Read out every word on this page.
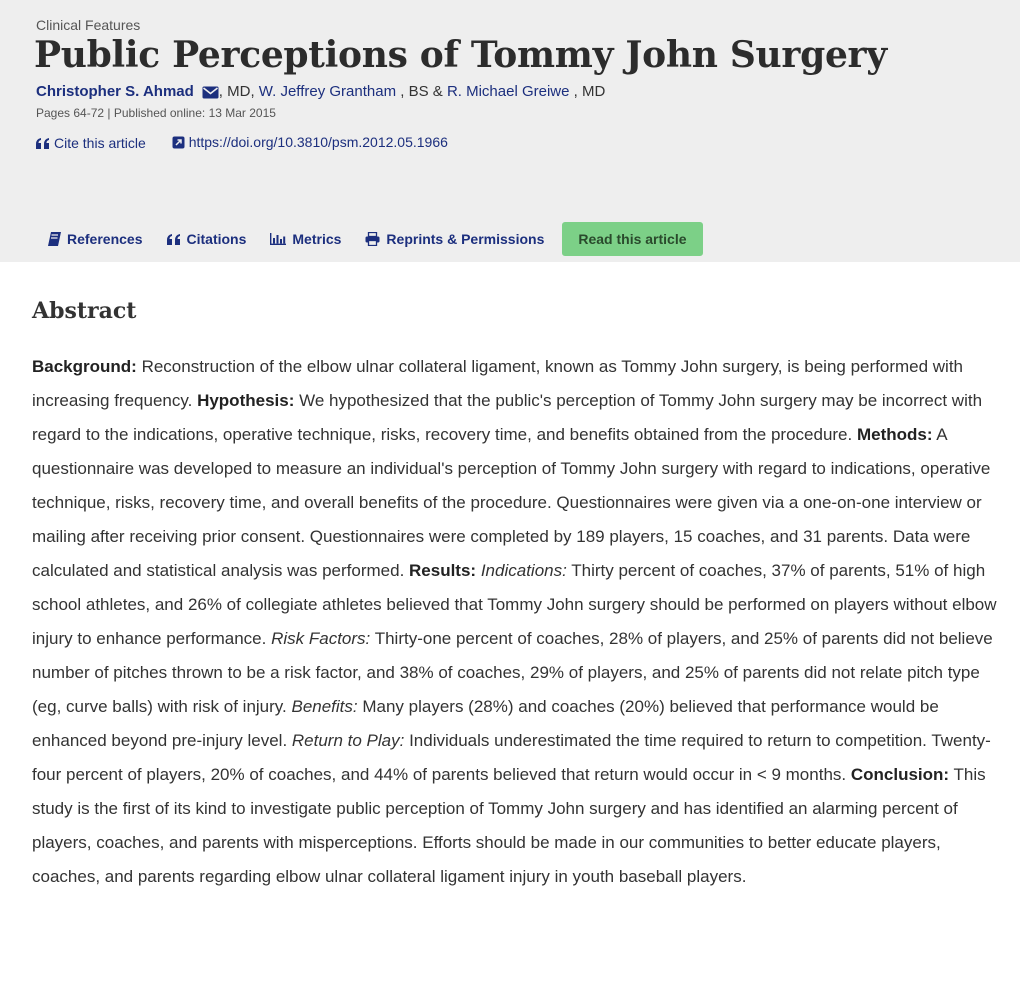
Clinical Features
Public Perceptions of Tommy John Surgery
Christopher S. Ahmad , MD, W. Jeffrey Grantham , BS & R. Michael Greiwe , MD
Pages 64-72 | Published online: 13 Mar 2015
Cite this article
	https://doi.org/10.3810/psm.2012.05.1966
References	Citations	Metrics	Reprints & Permissions	Read this article
Abstract
Background: Reconstruction of the elbow ulnar collateral ligament, known as Tommy John surgery, is being performed with increasing frequency. Hypothesis: We hypothesized that the public's perception of Tommy John surgery may be incorrect with regard to the indications, operative technique, risks, recovery time, and benefits obtained from the procedure. Methods: A questionnaire was developed to measure an individual's perception of Tommy John surgery with regard to indications, operative technique, risks, recovery time, and overall benefits of the procedure. Questionnaires were given via a one-on-one interview or mailing after receiving prior consent. Questionnaires were completed by 189 players, 15 coaches, and 31 parents. Data were calculated and statistical analysis was performed. Results: Indications: Thirty percent of coaches, 37% of parents, 51% of high school athletes, and 26% of collegiate athletes believed that Tommy John surgery should be performed on players without elbow injury to enhance performance. Risk Factors: Thirty-one percent of coaches, 28% of players, and 25% of parents did not believe number of pitches thrown to be a risk factor, and 38% of coaches, 29% of players, and 25% of parents did not relate pitch type (eg, curve balls) with risk of injury. Benefits: Many players (28%) and coaches (20%) believed that performance would be enhanced beyond pre-injury level. Return to Play: Individuals underestimated the time required to return to competition. Twenty-four percent of players, 20% of coaches, and 44% of parents believed that return would occur in < 9 months. Conclusion: This study is the first of its kind to investigate public perception of Tommy John surgery and has identified an alarming percent of players, coaches, and parents with misperceptions. Efforts should be made in our communities to better educate players, coaches, and parents regarding elbow ulnar collateral ligament injury in youth baseball players.
